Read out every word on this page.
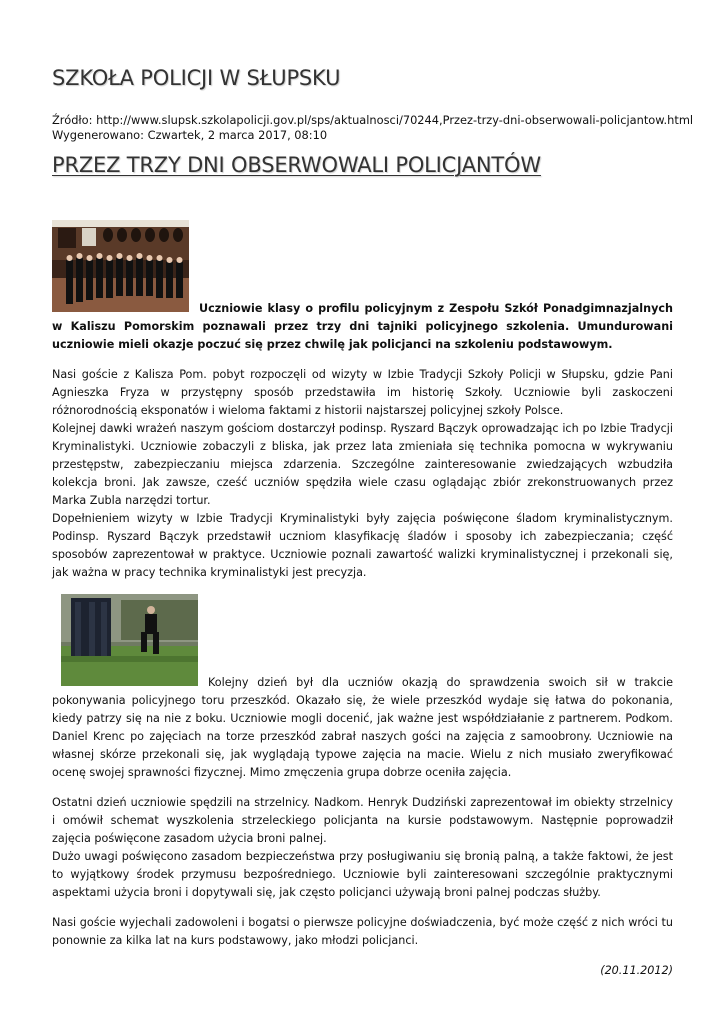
SZKOŁA POLICJI W SŁUPSKU
Źródło: http://www.slupsk.szkolapolicji.gov.pl/sps/aktualnosci/70244,Przez-trzy-dni-obserwowali-policjantow.html
Wygenerowano: Czwartek, 2 marca 2017, 08:10
PRZEZ TRZY DNI OBSERWOWALI POLICJANTÓW

Uczniowie klasy o profilu policyjnym z Zespołu Szkół Ponadgimnazjalnych w Kaliszu Pomorskim poznawali przez trzy dni tajniki policyjnego szkolenia. Umundurowani uczniowie mieli okazje poczuć się przez chwilę jak policjanci na szkoleniu podstawowym.

Nasi goście z Kalisza Pom. pobyt rozpoczęli od wizyty w Izbie Tradycji Szkoły Policji w Słupsku, gdzie Pani Agnieszka Fryza w przystępny sposób przedstawiła im historię Szkoły. Uczniowie byli zaskoczeni różnorodnością eksponatów i wieloma faktami z historii najstarszej policyjnej szkoły Polsce.
Kolejnej dawki wrażeń naszym gościom dostarczył podinsp. Ryszard Bączyk oprowadzając ich po Izbie Tradycji Kryminalistyki. Uczniowie zobaczyli z bliska, jak przez lata zmieniała się technika pomocna w wykrywaniu przestępstw, zabezpieczaniu miejsca zdarzenia. Szczególne zainteresowanie zwiedzających wzbudziła kolekcja broni. Jak zawsze, cześć uczniów spędziła wiele czasu oglądając zbiór zrekonstruowanych przez Marka Zubla narzędzi tortur.
Dopełnieniem wizyty w Izbie Tradycji Kryminalistyki były zajęcia poświęcone śladom kryminalistycznym. Podinsp. Ryszard Bączyk przedstawił uczniom klasyfikację śladów i sposoby ich zabezpieczania; część sposobów zaprezentował w praktyce. Uczniowie poznali zawartość walizki kryminalistycznej i przekonali się, jak ważna w pracy technika kryminalistyki jest precyzja.

Kolejny dzień był dla uczniów okazją do sprawdzenia swoich sił w trakcie pokonywania policyjnego toru przeszkód. Okazało się, że wiele przeszkód wydaje się łatwa do pokonania, kiedy patrzy się na nie z boku. Uczniowie mogli docenić, jak ważne jest współdziałanie z partnerem. Podkom. Daniel Krenc po zajęciach na torze przeszkód zabrał naszych gości na zajęcia z samoobrony. Uczniowie na własnej skórze przekonali się, jak wyglądają typowe zajęcia na macie. Wielu z nich musiało zweryfikować ocenę swojej sprawności fizycznej. Mimo zmęczenia grupa dobrze oceniła zajęcia.

Ostatni dzień uczniowie spędzili na strzelnicy. Nadkom. Henryk Dudziński zaprezentował im obiekty strzelnicy i omówił schemat wyszkolenia strzeleckiego policjanta na kursie podstawowym. Następnie poprowadził zajęcia poświęcone zasadom użycia broni palnej.
Dużo uwagi poświęcono zasadom bezpieczeństwa przy posługiwaniu się bronią palną, a także faktowi, że jest to wyjątkowy środek przymusu bezpośredniego. Uczniowie byli zainteresowani szczególnie praktycznymi aspektami użycia broni i dopytywali się, jak często policjanci używają broni palnej podczas służby.

Nasi goście wyjechali zadowoleni i bogatsi o pierwsze policyjne doświadczenia, być może część z nich wróci tu ponownie za kilka lat na kurs podstawowy, jako młodzi policjanci.

(20.11.2012)
